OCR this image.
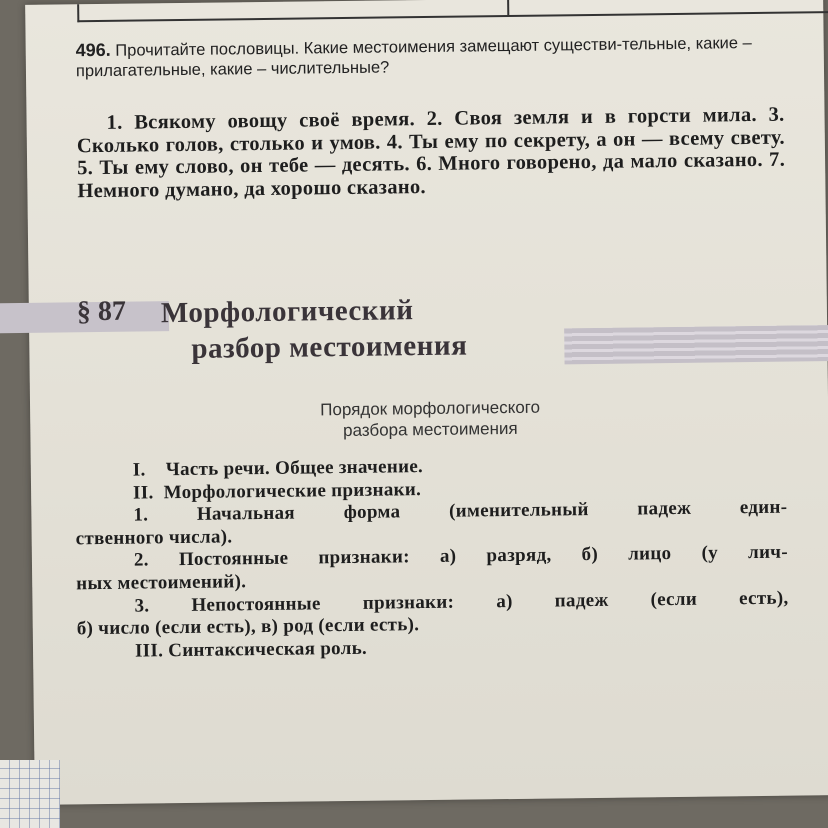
496. Прочитайте пословицы. Какие местоимения замещают существи-тельные, какие – прилагательные, какие – числительные?
1. Всякому овощу своё время. 2. Своя земля и в горсти мила. 3. Сколько голов, столько и умов. 4. Ты ему по секрету, а он — всему свету. 5. Ты ему слово, он тебе — десять. 6. Много говорено, да мало сказано. 7. Немного думано, да хорошо сказано.
§ 87 Морфологический
разбор местоимения
Порядок морфологического
разбора местоимения

I.    Часть речи. Общее значение.

II.  Морфологические признаки.

1. Начальная форма (именительный падеж един-

ственного числа).

2. Постоянные признаки: а) разряд, б) лицо (у лич-

ных местоимений).

3. Непостоянные признаки: а) падеж (если есть),

б) число (если есть), в) род (если есть).

III. Синтаксическая роль.
